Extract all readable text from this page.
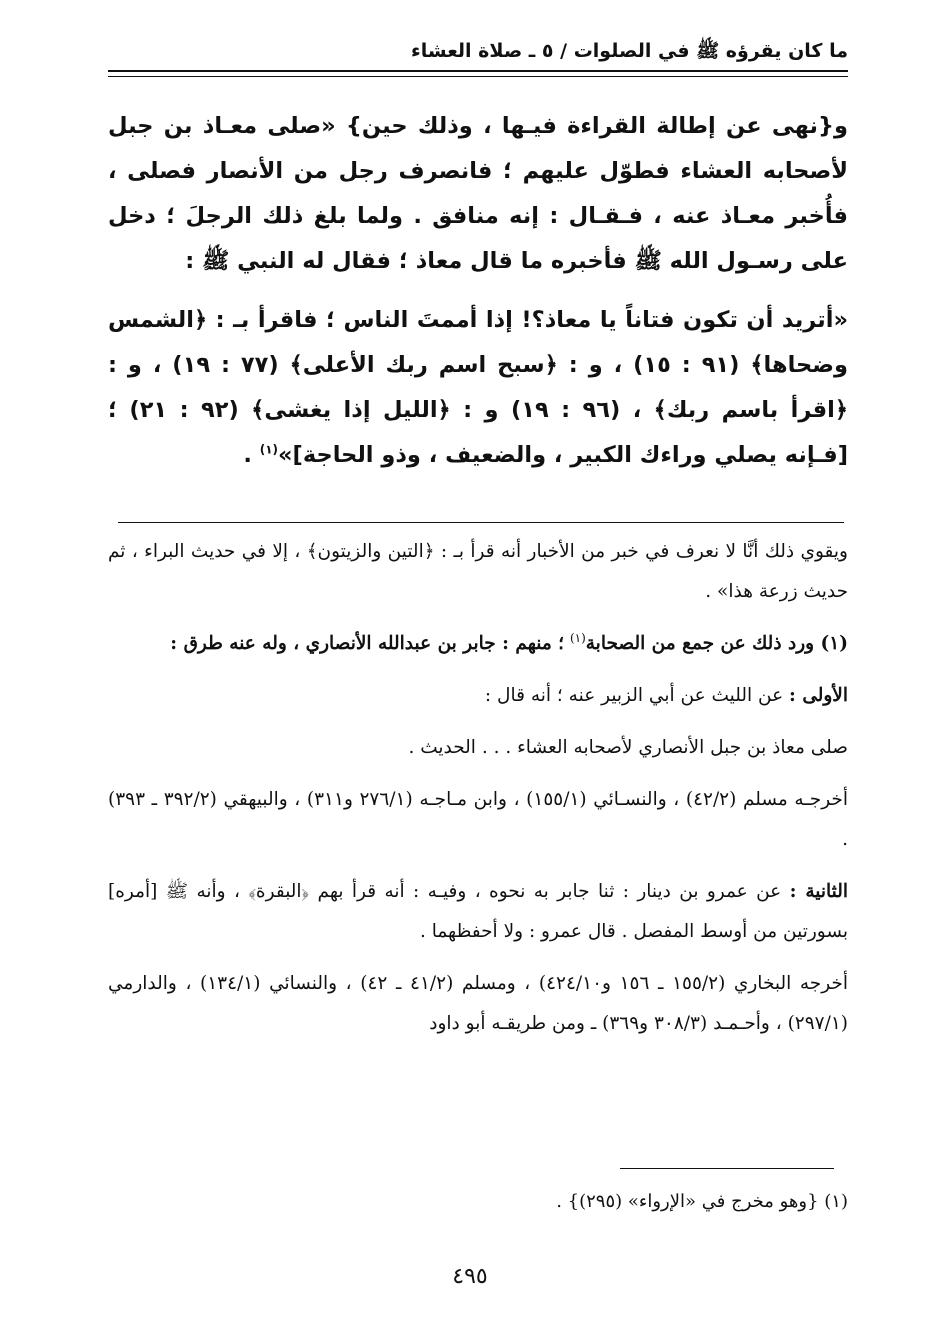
ما كان يقرؤه ﷺ في الصلوات / ٥ ـ صلاة العشاء

و{نهى عن إطالة القراءة فيـها ، وذلك حين} «صلى معـاذ بن جبل لأصحابه العشاء فطوّل عليهم ؛ فانصرف رجل من الأنصار فصلى ، فأُخبر معـاذ عنه ، فـقـال : إنه منافق . ولما بلغ ذلك الرجلَ ؛ دخل على رسـول الله ﷺ فأخبره ما قال معاذ ؛ فقال له النبي ﷺ :

«أتريد أن تكون فتاناً يا معاذ؟! إذا أممتَ الناس ؛ فاقرأ بـ : ﴿الشمس وضحاها﴾ (٩١ : ١٥) ، و : ﴿سبح اسم ربك الأعلى﴾ (٧٧ : ١٩) ، و : ﴿اقرأ باسم ربك﴾ ، (٩٦ : ١٩) و : ﴿الليل إذا يغشى﴾ (٩٢ : ٢١) ؛ [فـإنه يصلي وراءك الكبير ، والضعيف ، وذو الحاجة]»$^{(١)}$ .

ويقوي ذلك أنَّا لا نعرف في خبر من الأخبار أنه قرأ بـ : ﴿التين والزيتون﴾ ، إلا في حديث البراء ، ثم حديث زرعة هذا» .

(١) ورد ذلك عن جمع من الصحابة$^{(١)}$ ؛ منهم : جابر بن عبدالله الأنصاري ، وله عنه طرق :

الأولى : عن الليث عن أبي الزبير عنه ؛ أنه قال :

صلى معاذ بن جبل الأنصاري لأصحابه العشاء . . . الحديث .

أخرجـه مسلم (٤٢/٢) ، والنسـائي (١٥٥/١) ، وابن مـاجـه (٢٧٦/١ و٣١١) ، والبيهقي (٣٩٢/٢ ـ ٣٩٣) .

الثانية : عن عمرو بن دينار : ثنا جابر به نحوه ، وفيـه : أنه قرأ بهم ﴿البقرة﴾ ، وأنه ﷺ [أمره] بسورتين من أوسط المفصل . قال عمرو : ولا أحفظهما .

أخرجه البخاري (١٥٥/٢ ـ ١٥٦ و٤٢٤/١٠) ، ومسلم (٤١/٢ ـ ٤٢) ، والنسائي (١٣٤/١) ، والدارمي (٢٩٧/١) ، وأحـمـد (٣٠٨/٣ و٣٦٩) ـ ومن طريقـه أبو داود

(١) {وهو مخرج في «الإرواء» (٢٩٥)} .
٤٩٥
